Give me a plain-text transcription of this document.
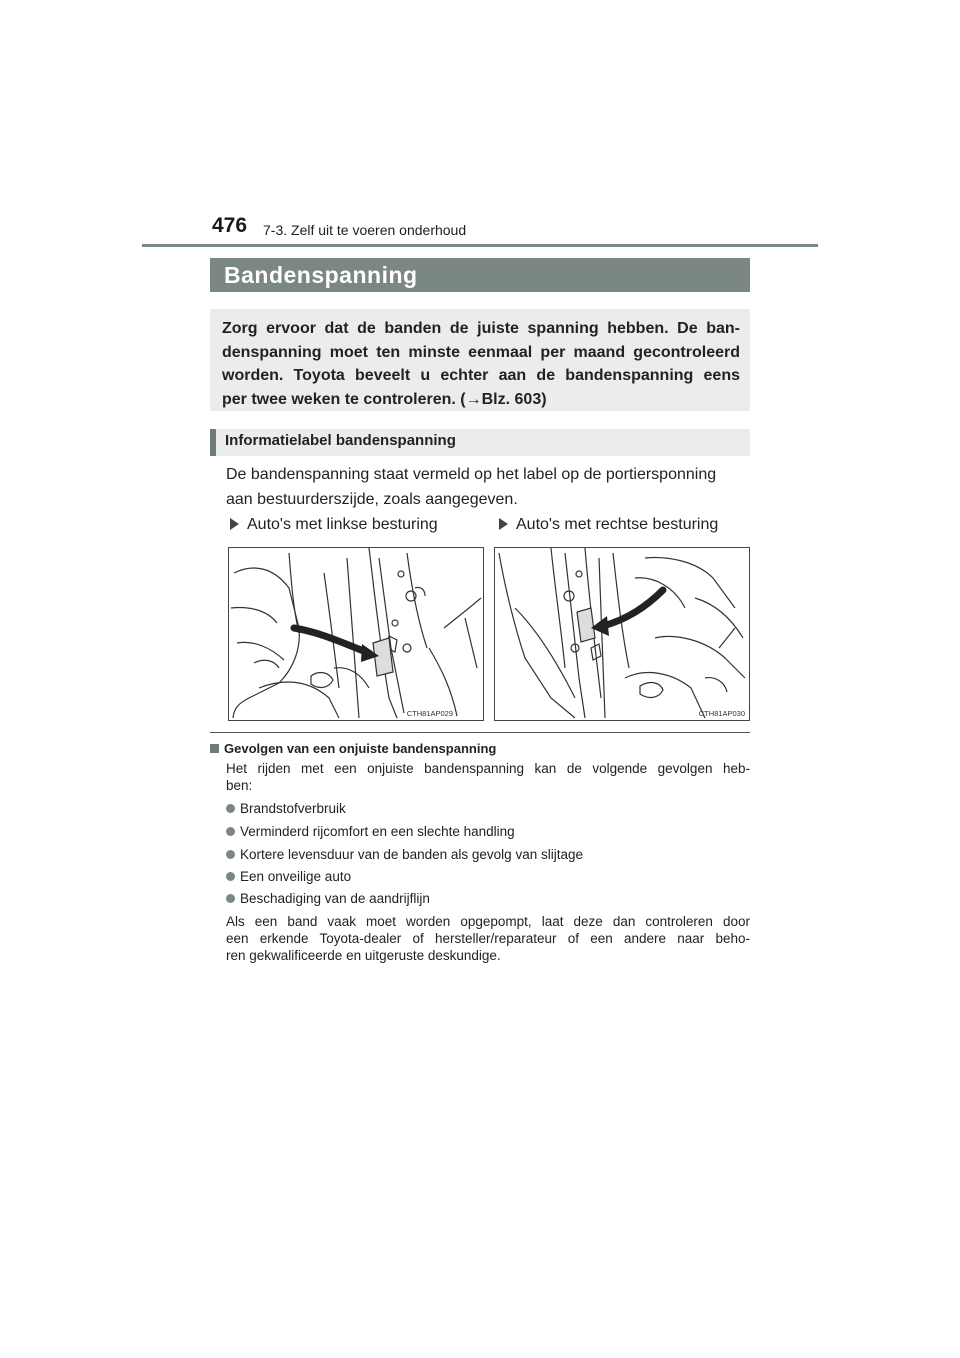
476 7-3. Zelf uit te voeren onderhoud
Bandenspanning
Zorg ervoor dat de banden de juiste spanning hebben. De ban-
denspanning moet ten minste eenmaal per maand gecontroleerd
worden. Toyota beveelt u echter aan de bandenspanning eens
per twee weken te controleren. (→Blz. 603)
Informatielabel bandenspanning
De bandenspanning staat vermeld op het label op de portiersponning
aan bestuurderszijde, zoals aangegeven.
Auto's met linkse besturing	Auto's met rechtse besturing
CTH81AP029	CTH81AP030
Gevolgen van een onjuiste bandenspanning
Het rijden met een onjuiste bandenspanning kan de volgende gevolgen heb-
ben:
Brandstofverbruik
Verminderd rijcomfort en een slechte handling
Kortere levensduur van de banden als gevolg van slijtage
Een onveilige auto
Beschadiging van de aandrijflijn
Als een band vaak moet worden opgepompt, laat deze dan controleren door
een erkende Toyota-dealer of hersteller/reparateur of een andere naar beho-
ren gekwalificeerde en uitgeruste deskundige.
